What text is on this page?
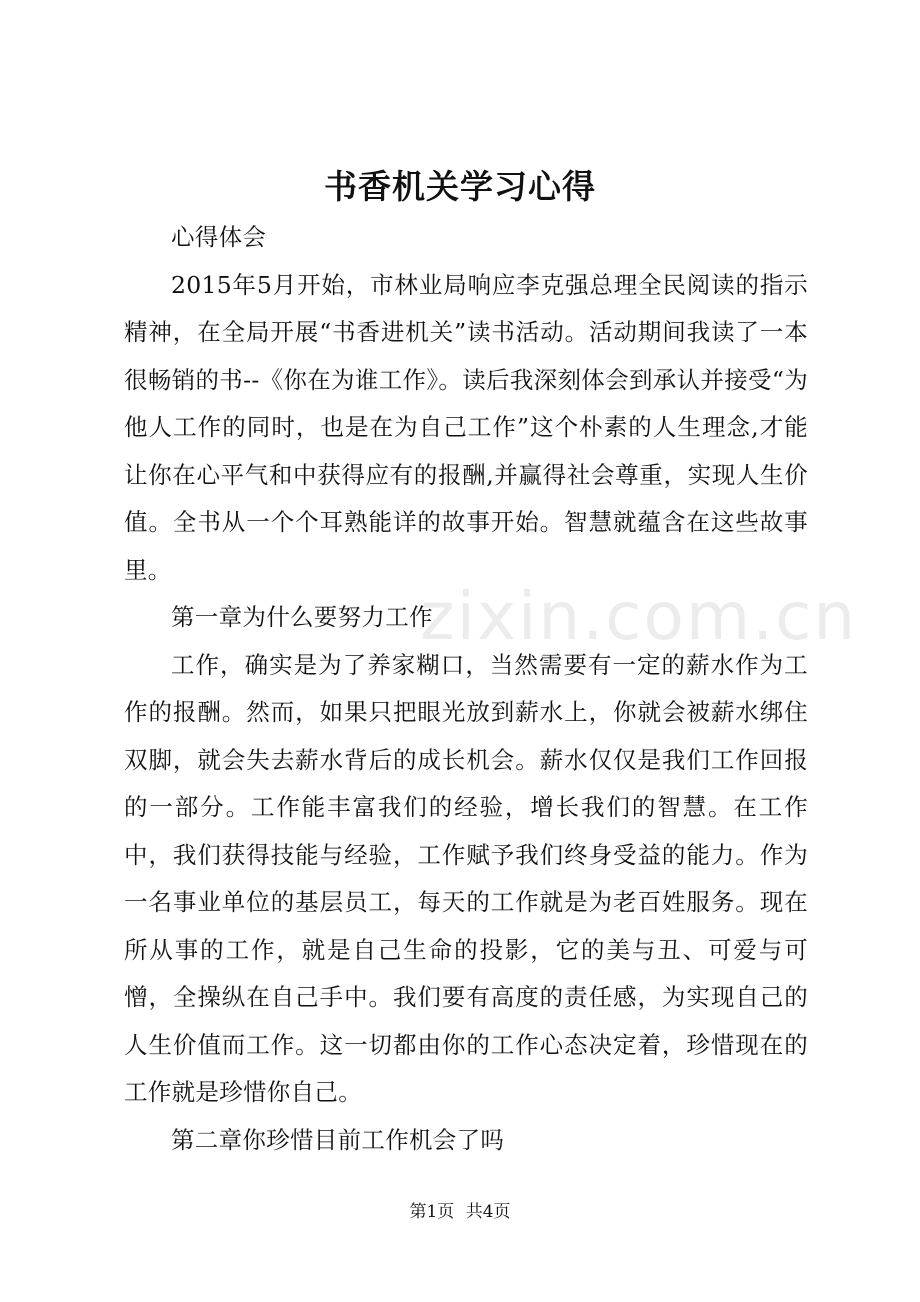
书香机关学习心得

心得体会

2015年5月开始，市林业局响应李克强总理全民阅读的指示精神，在全局开展“书香进机关”读书活动。活动期间我读了一本很畅销的书--《你在为谁工作》。读后我深刻体会到承认并接受“为他人工作的同时，也是在为自己工作”这个朴素的人生理念,才能让你在心平气和中获得应有的报酬,并赢得社会尊重，实现人生价值。全书从一个个耳熟能详的故事开始。智慧就蕴含在这些故事里。

第一章为什么要努力工作

工作，确实是为了养家糊口，当然需要有一定的薪水作为工作的报酬。然而，如果只把眼光放到薪水上，你就会被薪水绑住双脚，就会失去薪水背后的成长机会。薪水仅仅是我们工作回报的一部分。工作能丰富我们的经验，增长我们的智慧。在工作中，我们获得技能与经验，工作赋予我们终身受益的能力。作为一名事业单位的基层员工，每天的工作就是为老百姓服务。现在所从事的工作，就是自己生命的投影，它的美与丑、可爱与可憎，全操纵在自己手中。我们要有高度的责任感，为实现自己的人生价值而工作。这一切都由你的工作心态决定着，珍惜现在的工作就是珍惜你自己。

第二章你珍惜目前工作机会了吗

zixin.com.cn
第1页 共4页
